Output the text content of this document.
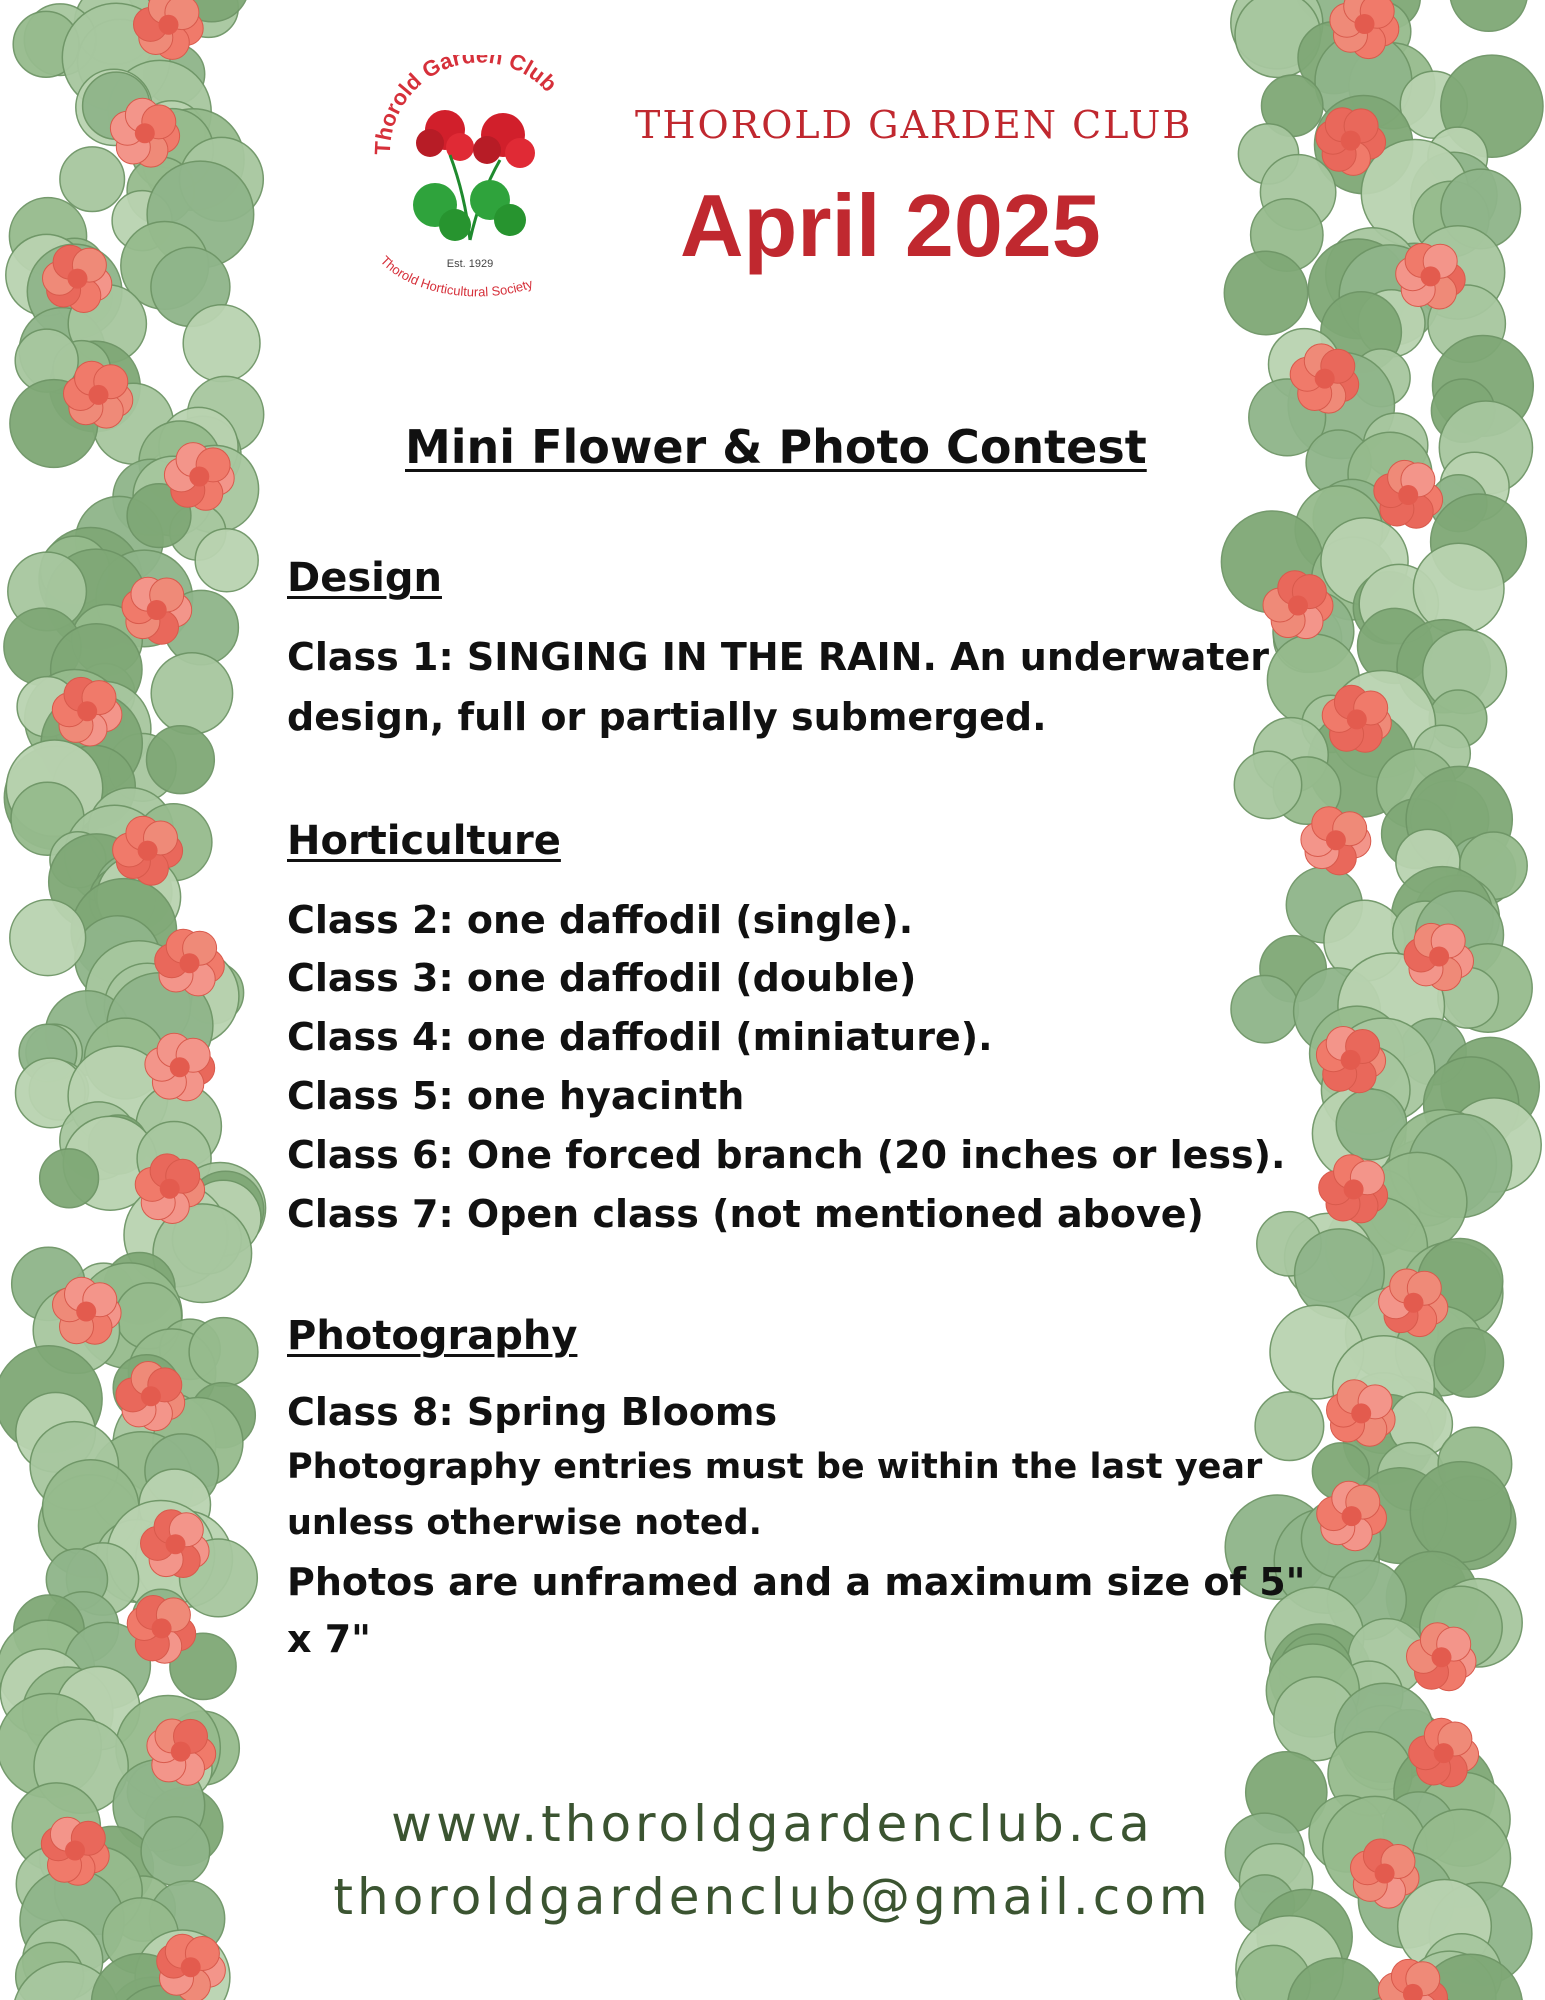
Thorold Garden Club
Est. 1929
Thorold Horticultural Society
THOROLD GARDEN CLUB
April 2025
Mini Flower & Photo Contest
Design
Class 1: SINGING IN THE RAIN. An underwater
design, full or partially submerged.
Horticulture
Class 2: one daffodil (single).
Class 3: one daffodil (double)
Class 4: one daffodil (miniature).
Class 5: one hyacinth
Class 6: One forced branch (20 inches or less).
Class 7: Open class (not mentioned above)
Photography
Class 8: Spring Blooms
Photography entries must be within the last year
unless otherwise noted.
Photos are unframed and a maximum size of 5"
x 7"
www.thoroldgardenclub.ca
thoroldgardenclub@gmail.com
